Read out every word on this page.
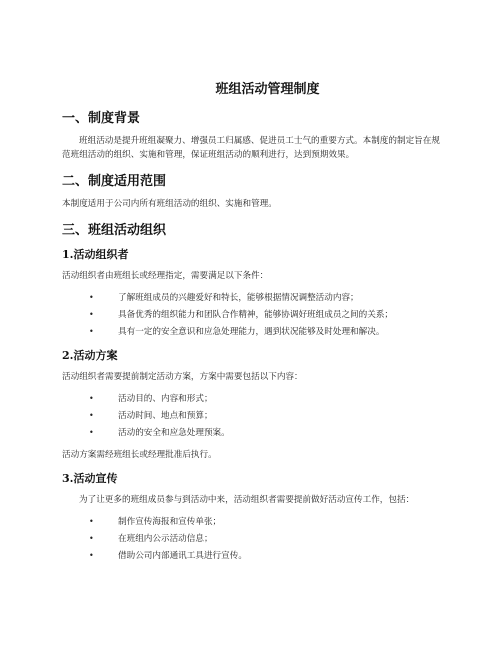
班组活动管理制度
一、制度背景

班组活动是提升班组凝聚力、增强员工归属感、促进员工士气的重要方式。本制度的制定旨在规范班组活动的组织、实施和管理，保证班组活动的顺利进行，达到预期效果。

二、制度适用范围

本制度适用于公司内所有班组活动的组织、实施和管理。

三、班组活动组织
1.活动组织者

活动组织者由班组长或经理指定，需要满足以下条件：

•	了解班组成员的兴趣爱好和特长，能够根据情况调整活动内容；
•	具备优秀的组织能力和团队合作精神，能够协调好班组成员之间的关系；
•	具有一定的安全意识和应急处理能力，遇到状况能够及时处理和解决。
2.活动方案

活动组织者需要提前制定活动方案，方案中需要包括以下内容：

•	活动目的、内容和形式；
•	活动时间、地点和预算；
•	活动的安全和应急处理预案。

活动方案需经班组长或经理批准后执行。

3.活动宣传

为了让更多的班组成员参与到活动中来，活动组织者需要提前做好活动宣传工作，包括：

•	制作宣传海报和宣传单张；
•	在班组内公示活动信息；
•	借助公司内部通讯工具进行宣传。
